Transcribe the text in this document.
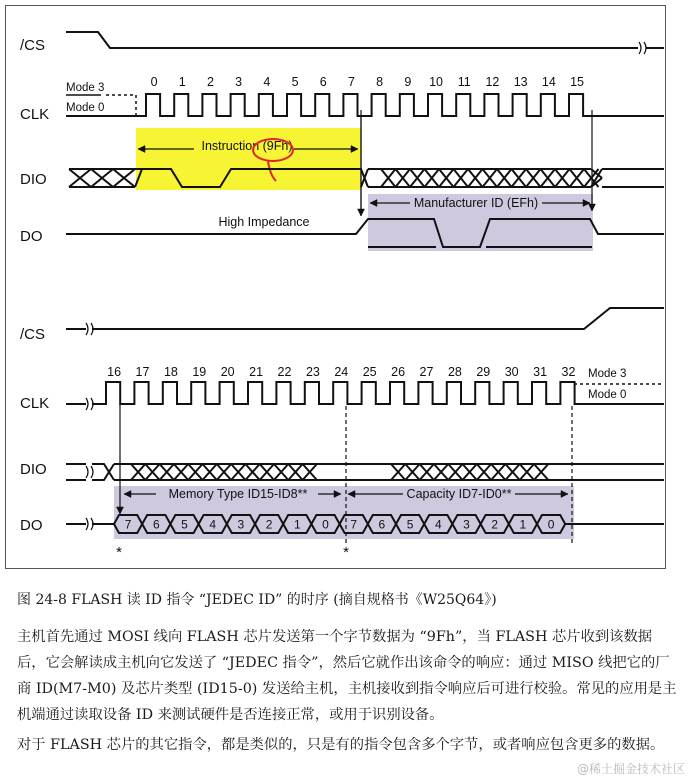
/CS
CLK
DIO
DO
Mode 3
Mode 0
0 1 2 3 4 5 6 7 8 9 10 11 12 13 14 15
Instruction (9Fh)
Manufacturer ID (EFh)
High Impedance
/CS
CLK
DIO
DO
16 17 18 19 20 21 22 23 24 25 26 27 28 29 30 31 32 Mode 3
Mode 0
Memory Type ID15-ID8**	Capacity ID7-ID0**
7 6 5 4 3 2 1 0 7 6 5 4 3 2 1 0
*	*
图 24-8 FLASH 读 ID 指令 “JEDEC ID” 的时序 (摘自规格书《W25Q64》)

主机首先通过 MOSI 线向 FLASH 芯片发送第一个字节数据为 “9Fh”，当 FLASH 芯片收到该数据后，它会解读成主机向它发送了 “JEDEC 指令”，然后它就作出该命令的响应：通过 MISO 线把它的厂商 ID(M7-M0) 及芯片类型 (ID15-0) 发送给主机，主机接收到指令响应后可进行校验。常见的应用是主机端通过读取设备 ID 来测试硬件是否连接正常，或用于识别设备。

对于 FLASH 芯片的其它指令，都是类似的，只是有的指令包含多个字节，或者响应包含更多的数据。

@稀土掘金技术社区
